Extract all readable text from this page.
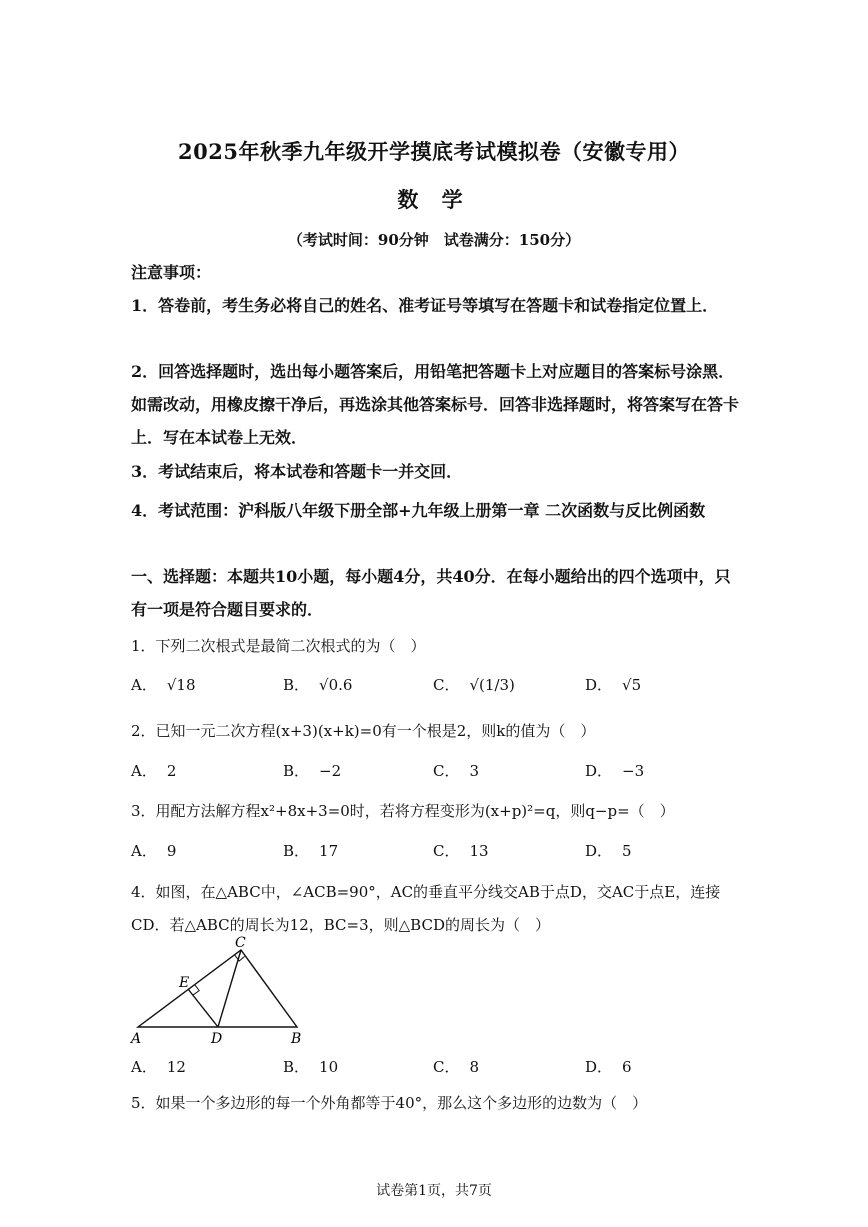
2025年秋季九年级开学摸底考试模拟卷（安徽专用）
数 学
（考试时间：90分钟　试卷满分：150分）
注意事项：
1．答卷前，考生务必将自己的姓名、准考证号等填写在答题卡和试卷指定位置上．
2．回答选择题时，选出每小题答案后，用铅笔把答题卡上对应题目的答案标号涂黑．如需改动，用橡皮擦干净后，再选涂其他答案标号．回答非选择题时，将答案写在答卡上．写在本试卷上无效．
3．考试结束后，将本试卷和答题卡一并交回．
4．考试范围：沪科版八年级下册全部+九年级上册第一章 二次函数与反比例函数
一、选择题：本题共10小题，每小题4分，共40分．在每小题给出的四个选项中，只有一项是符合题目要求的．
1．下列二次根式是最简二次根式的为（　）
A． √18	B． √0.6	C． √(1/3)	D． √5
2．已知一元二次方程(x+3)(x+k)=0有一个根是2，则k的值为（　）
A． 2	B． −2	C． 3	D． −3
3．用配方法解方程x²+8x+3=0时，若将方程变形为(x+p)²=q，则q−p=（　）
A． 9	B． 17	C． 13	D． 5
4．如图，在△ABC中，∠ACB=90°，AC的垂直平分线交AB于点D，交AC于点E，连接CD．若△ABC的周长为12，BC=3，则△BCD的周长为（　）
C
E
A	D	B
A． 12	B． 10	C． 8	D． 6
5．如果一个多边形的每一个外角都等于40°，那么这个多边形的边数为（　）
试卷第1页，共7页
